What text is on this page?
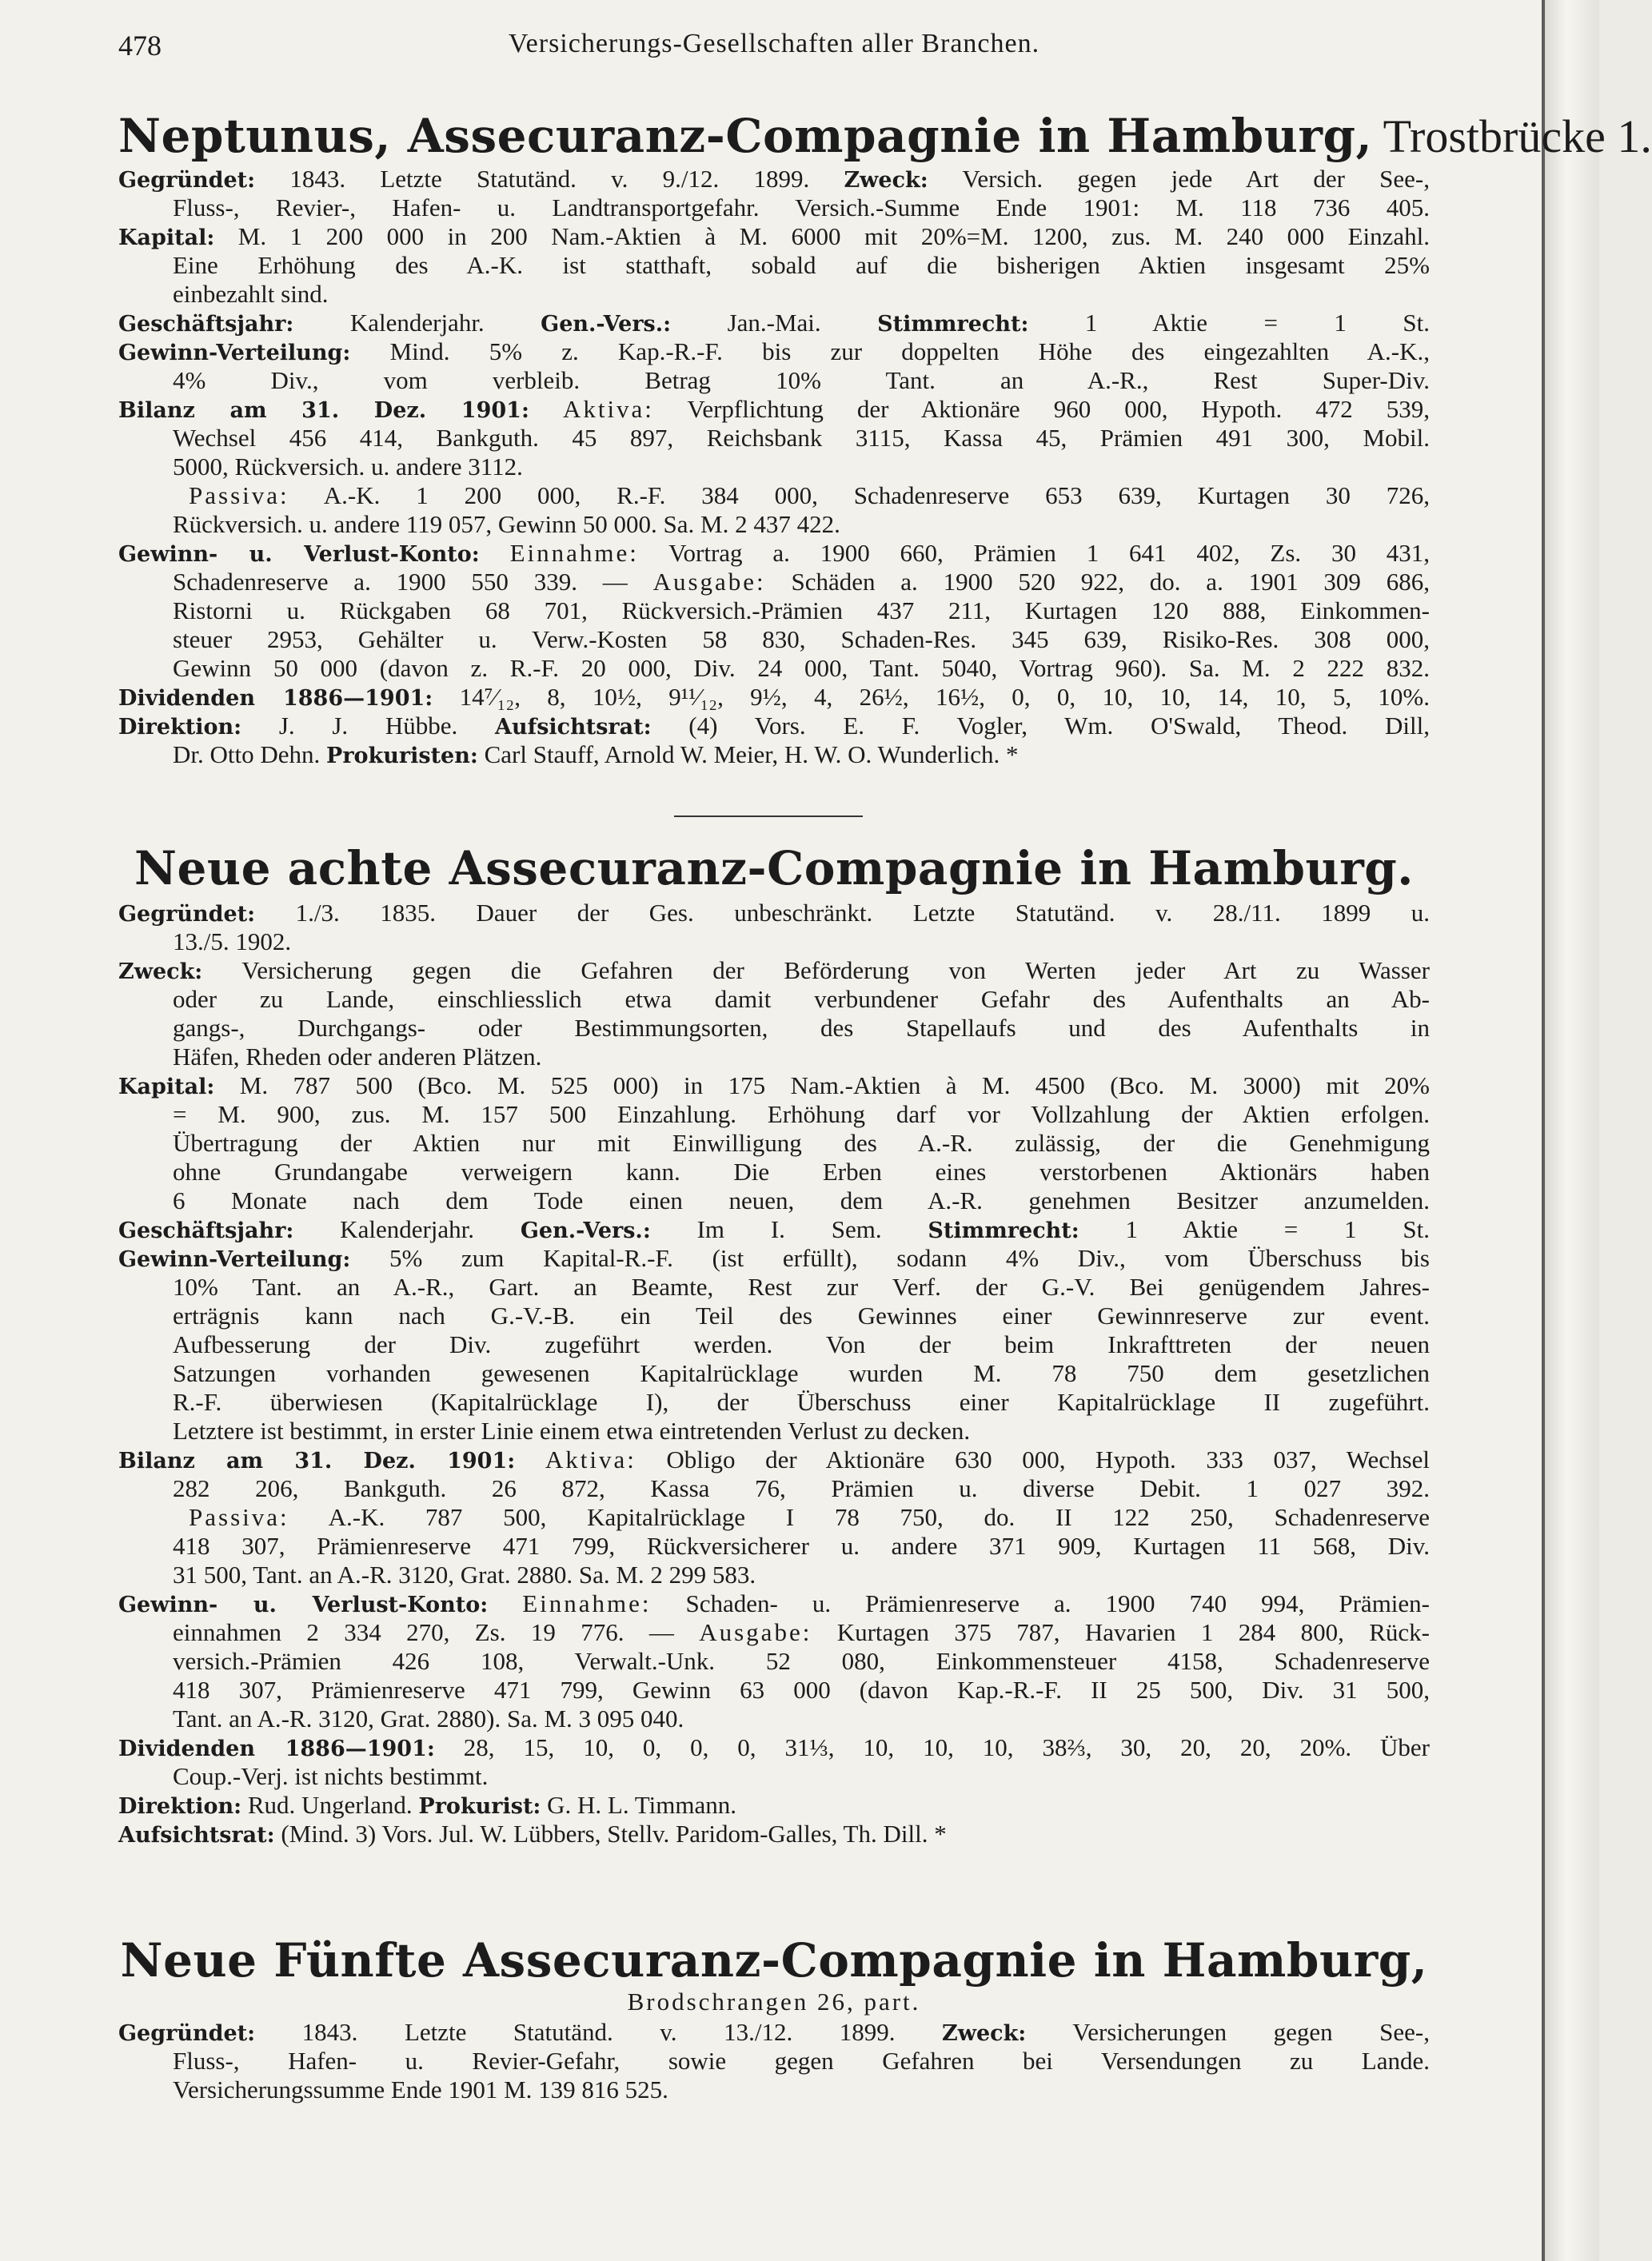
Versicherungs-Gesellschaften aller Branchen.
478
Neptunus, Assecuranz-Compagnie in Hamburg, Trostbrücke 1.
Gegründet: 1843. Letzte Statutänd. v. 9./12. 1899. Zweck: Versich. gegen jede Art der See-,
Fluss-, Revier-, Hafen- u. Landtransportgefahr. Versich.-Summe Ende 1901: M. 118 736 405.
Kapital: M. 1 200 000 in 200 Nam.-Aktien à M. 6000 mit 20%=M. 1200, zus. M. 240 000 Einzahl.
Eine Erhöhung des A.-K. ist statthaft, sobald auf die bisherigen Aktien insgesamt 25%
einbezahlt sind.
Geschäftsjahr: Kalenderjahr. Gen.-Vers.: Jan.-Mai. Stimmrecht: 1 Aktie = 1 St.
Gewinn-Verteilung: Mind. 5% z. Kap.-R.-F. bis zur doppelten Höhe des eingezahlten A.-K.,
4% Div., vom verbleib. Betrag 10% Tant. an A.-R., Rest Super-Div.
Bilanz am 31. Dez. 1901: Aktiva: Verpflichtung der Aktionäre 960 000, Hypoth. 472 539,
Wechsel 456 414, Bankguth. 45 897, Reichsbank 3115, Kassa 45, Prämien 491 300, Mobil.
5000, Rückversich. u. andere 3112.
Passiva: A.-K. 1 200 000, R.-F. 384 000, Schadenreserve 653 639, Kurtagen 30 726,
Rückversich. u. andere 119 057, Gewinn 50 000. Sa. M. 2 437 422.
Gewinn- u. Verlust-Konto: Einnahme: Vortrag a. 1900 660, Prämien 1 641 402, Zs. 30 431,
Schadenreserve a. 1900 550 339. — Ausgabe: Schäden a. 1900 520 922, do. a. 1901 309 686,
Ristorni u. Rückgaben 68 701, Rückversich.-Prämien 437 211, Kurtagen 120 888, Einkommen-
steuer 2953, Gehälter u. Verw.-Kosten 58 830, Schaden-Res. 345 639, Risiko-Res. 308 000,
Gewinn 50 000 (davon z. R.-F. 20 000, Div. 24 000, Tant. 5040, Vortrag 960). Sa. M. 2 222 832.
Dividenden 1886—1901: 14⁷⁄₁₂, 8, 10½, 9¹¹⁄₁₂, 9½, 4, 26½, 16½, 0, 0, 10, 10, 14, 10, 5, 10%.
Direktion: J. J. Hübbe. Aufsichtsrat: (4) Vors. E. F. Vogler, Wm. O'Swald, Theod. Dill,
Dr. Otto Dehn. Prokuristen: Carl Stauff, Arnold W. Meier, H. W. O. Wunderlich. *
Neue achte Assecuranz-Compagnie in Hamburg.
Gegründet: 1./3. 1835. Dauer der Ges. unbeschränkt. Letzte Statutänd. v. 28./11. 1899 u.
13./5. 1902.
Zweck: Versicherung gegen die Gefahren der Beförderung von Werten jeder Art zu Wasser
oder zu Lande, einschliesslich etwa damit verbundener Gefahr des Aufenthalts an Ab-
gangs-, Durchgangs- oder Bestimmungsorten, des Stapellaufs und des Aufenthalts in
Häfen, Rheden oder anderen Plätzen.
Kapital: M. 787 500 (Bco. M. 525 000) in 175 Nam.-Aktien à M. 4500 (Bco. M. 3000) mit 20%
= M. 900, zus. M. 157 500 Einzahlung. Erhöhung darf vor Vollzahlung der Aktien erfolgen.
Übertragung der Aktien nur mit Einwilligung des A.-R. zulässig, der die Genehmigung
ohne Grundangabe verweigern kann. Die Erben eines verstorbenen Aktionärs haben
6 Monate nach dem Tode einen neuen, dem A.-R. genehmen Besitzer anzumelden.
Geschäftsjahr: Kalenderjahr. Gen.-Vers.: Im I. Sem. Stimmrecht: 1 Aktie = 1 St.
Gewinn-Verteilung: 5% zum Kapital-R.-F. (ist erfüllt), sodann 4% Div., vom Überschuss bis
10% Tant. an A.-R., Gart. an Beamte, Rest zur Verf. der G.-V. Bei genügendem Jahres-
erträgnis kann nach G.-V.-B. ein Teil des Gewinnes einer Gewinnreserve zur event.
Aufbesserung der Div. zugeführt werden. Von der beim Inkrafttreten der neuen
Satzungen vorhanden gewesenen Kapitalrücklage wurden M. 78 750 dem gesetzlichen
R.-F. überwiesen (Kapitalrücklage I), der Überschuss einer Kapitalrücklage II zugeführt.
Letztere ist bestimmt, in erster Linie einem etwa eintretenden Verlust zu decken.
Bilanz am 31. Dez. 1901: Aktiva: Obligo der Aktionäre 630 000, Hypoth. 333 037, Wechsel
282 206, Bankguth. 26 872, Kassa 76, Prämien u. diverse Debit. 1 027 392.
Passiva: A.-K. 787 500, Kapitalrücklage I 78 750, do. II 122 250, Schadenreserve
418 307, Prämienreserve 471 799, Rückversicherer u. andere 371 909, Kurtagen 11 568, Div.
31 500, Tant. an A.-R. 3120, Grat. 2880. Sa. M. 2 299 583.
Gewinn- u. Verlust-Konto: Einnahme: Schaden- u. Prämienreserve a. 1900 740 994, Prämien-
einnahmen 2 334 270, Zs. 19 776. — Ausgabe: Kurtagen 375 787, Havarien 1 284 800, Rück-
versich.-Prämien 426 108, Verwalt.-Unk. 52 080, Einkommensteuer 4158, Schadenreserve
418 307, Prämienreserve 471 799, Gewinn 63 000 (davon Kap.-R.-F. II 25 500, Div. 31 500,
Tant. an A.-R. 3120, Grat. 2880). Sa. M. 3 095 040.
Dividenden 1886—1901: 28, 15, 10, 0, 0, 0, 31⅓, 10, 10, 10, 38⅔, 30, 20, 20, 20%. Über
Coup.-Verj. ist nichts bestimmt.
Direktion: Rud. Ungerland. Prokurist: G. H. L. Timmann.
Aufsichtsrat: (Mind. 3) Vors. Jul. W. Lübbers, Stellv. Paridom-Galles, Th. Dill. *
Neue Fünfte Assecuranz-Compagnie in Hamburg,
Brodschrangen 26, part.
Gegründet: 1843. Letzte Statutänd. v. 13./12. 1899. Zweck: Versicherungen gegen See-,
Fluss-, Hafen- u. Revier-Gefahr, sowie gegen Gefahren bei Versendungen zu Lande.
Versicherungssumme Ende 1901 M. 139 816 525.
